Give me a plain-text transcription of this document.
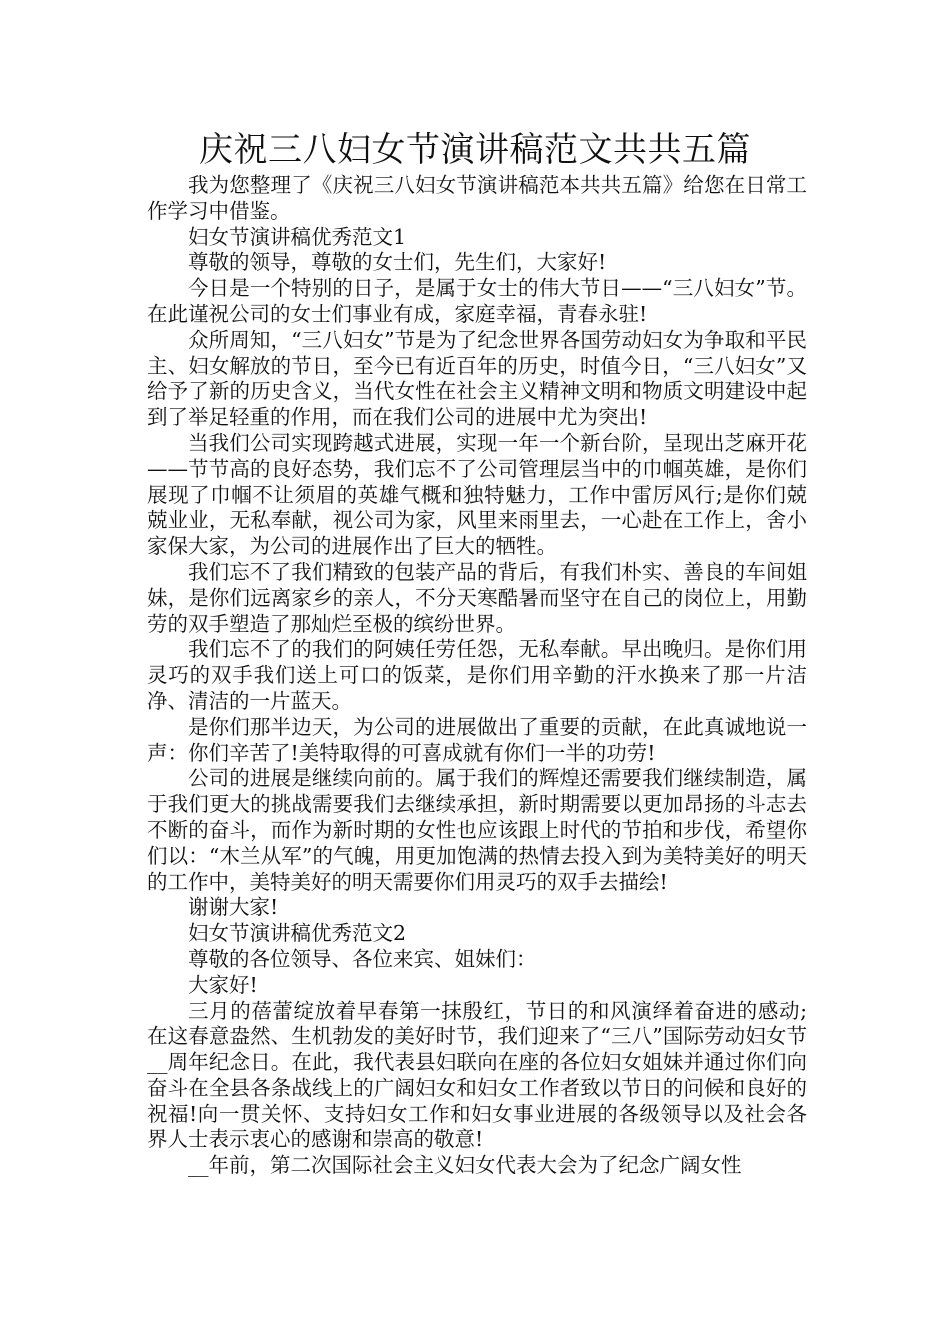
庆祝三八妇女节演讲稿范文共共五篇

我为您整理了《庆祝三八妇女节演讲稿范本共共五篇》给您在日常工作学习中借鉴。

妇女节演讲稿优秀范文1

尊敬的领导，尊敬的女士们，先生们，大家好!

今日是一个特别的日子，是属于女士的伟大节日——“三八妇女”节。在此谨祝公司的女士们事业有成，家庭幸福，青春永驻!

众所周知，“三八妇女”节是为了纪念世界各国劳动妇女为争取和平民主、妇女解放的节日，至今已有近百年的历史，时值今日，“三八妇女”又给予了新的历史含义，当代女性在社会主义精神文明和物质文明建设中起到了举足轻重的作用，而在我们公司的进展中尤为突出!

当我们公司实现跨越式进展，实现一年一个新台阶，呈现出芝麻开花——节节高的良好态势，我们忘不了公司管理层当中的巾帼英雄，是你们展现了巾帼不让须眉的英雄气概和独特魅力，工作中雷厉风行;是你们兢兢业业，无私奉献，视公司为家，风里来雨里去，一心赴在工作上，舍小家保大家，为公司的进展作出了巨大的牺牲。

我们忘不了我们精致的包装产品的背后，有我们朴实、善良的车间姐妹，是你们远离家乡的亲人，不分天寒酷暑而坚守在自己的岗位上，用勤劳的双手塑造了那灿烂至极的缤纷世界。

我们忘不了的我们的阿姨任劳任怨，无私奉献。早出晚归。是你们用灵巧的双手我们送上可口的饭菜，是你们用辛勤的汗水换来了那一片洁净、清洁的一片蓝天。

是你们那半边天，为公司的进展做出了重要的贡献，在此真诚地说一声：你们辛苦了!美特取得的可喜成就有你们一半的功劳!

公司的进展是继续向前的。属于我们的辉煌还需要我们继续制造，属于我们更大的挑战需要我们去继续承担，新时期需要以更加昂扬的斗志去不断的奋斗，而作为新时期的女性也应该跟上时代的节拍和步伐，希望你们以：“木兰从军”的气魄，用更加饱满的热情去投入到为美特美好的明天的工作中，美特美好的明天需要你们用灵巧的双手去描绘!

谢谢大家!

妇女节演讲稿优秀范文2

尊敬的各位领导、各位来宾、姐妹们：

大家好!

三月的蓓蕾绽放着早春第一抹殷红，节日的和风演绎着奋进的感动;在这春意盎然、生机勃发的美好时节，我们迎来了“三八”国际劳动妇女节__周年纪念日。在此，我代表县妇联向在座的各位妇女姐妹并通过你们向奋斗在全县各条战线上的广阔妇女和妇女工作者致以节日的问候和良好的祝福!向一贯关怀、支持妇女工作和妇女事业进展的各级领导以及社会各界人士表示衷心的感谢和崇高的敬意!

__年前，第二次国际社会主义妇女代表大会为了纪念广阔女性
